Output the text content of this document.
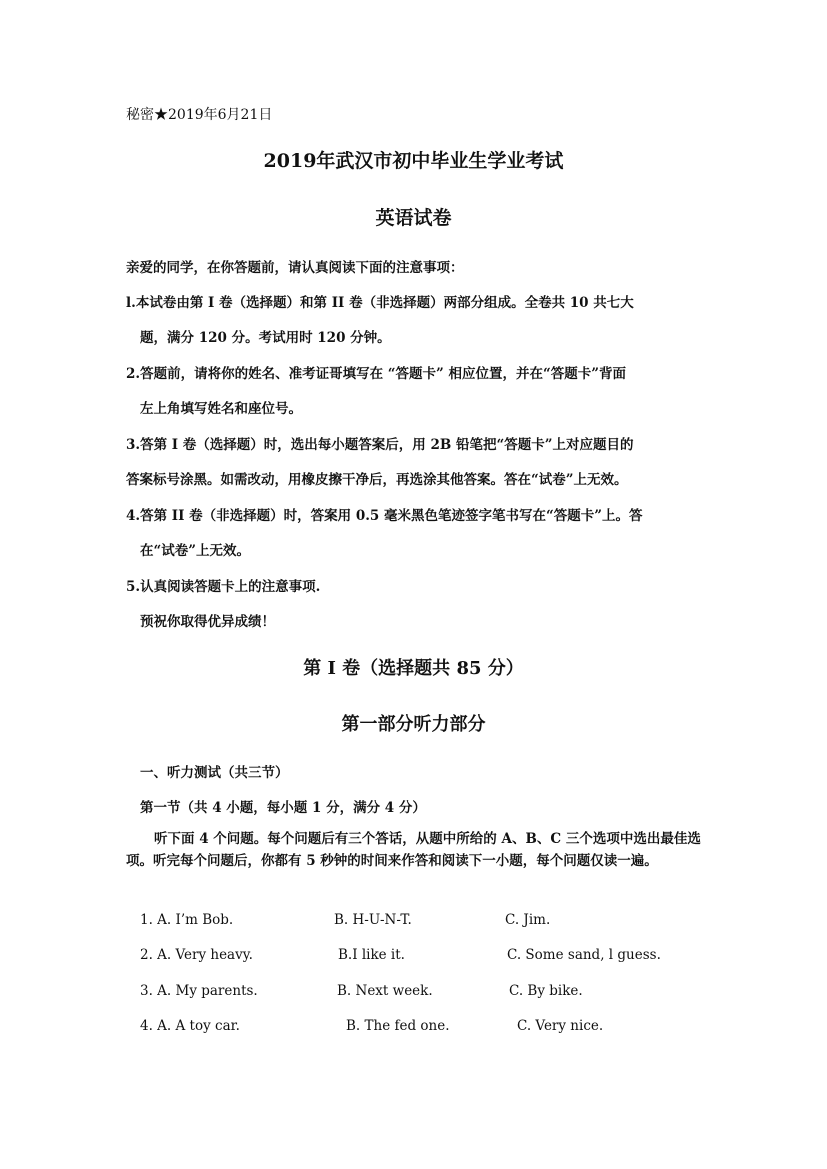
秘密★2019年6月21日
2019年武汉市初中毕业生学业考试
英语试卷
亲爱的同学，在你答题前，请认真阅读下面的注意事项：
l.本试卷由第 I 卷（选择题）和第 II 卷（非选择题）两部分组成。全卷共 10 共七大
题，满分 120 分。考试用时 120 分钟。
2.答题前，请将你的姓名、准考证哥填写在 “答题卡” 相应位置，并在“答题卡”背面
左上角填写姓名和座位号。
3.答第 I 卷（选择题）时，选出每小题答案后，用 2B 铅笔把“答题卡”上对应题目的
答案标号涂黑。如需改动，用橡皮擦干净后，再选涂其他答案。答在“试卷”上无效。
4.答第 II 卷（非选择题）时，答案用 0.5 毫米黑色笔迹签字笔书写在“答题卡”上。答
在“试卷”上无效。
5.认真阅读答题卡上的注意事项.
预祝你取得优异成绩！
第 I 卷（选择题共 85 分）
第一部分听力部分
一、听力测试（共三节）
第一节（共 4 小题，每小题 1 分，满分 4 分）
听下面 4 个问题。每个问题后有三个答话，从题中所给的 A、B、C 三个选项中选出最佳选项。听完每个问题后，你都有 5 秒钟的时间来作答和阅读下一小题，每个问题仅读一遍。
1. A. I’m Bob.	B. H-U-N-T.	C. Jim.
2. A. Very heavy.	B.I like it.	C. Some sand, l guess.
3. A. My parents.	B. Next week.	C. By bike.
4. A. A toy car.	B. The fed one.	C. Very nice.
